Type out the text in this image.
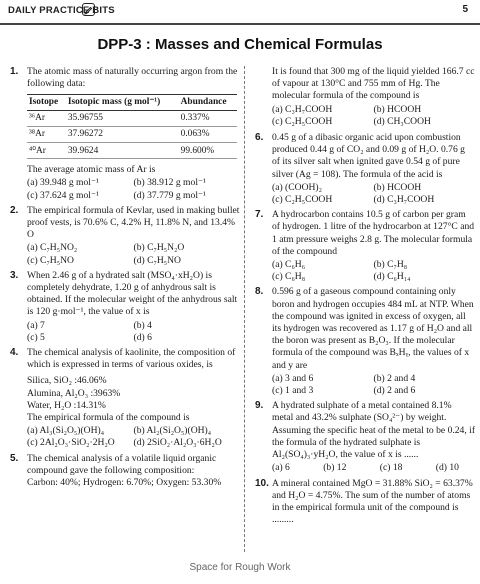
DAILY PRACTICE BITS	5
DPP-3 : Masses and Chemical Formulas
1. The atomic mass of naturally occurring argon from the following data:

Isotope	Isotopic mass (g mol⁻¹)	Abundance
³⁶Ar	35.96755	0.337%
³⁸Ar	37.96272	0.063%
⁴⁰Ar	39.9624	99.600%

The average atomic mass of Ar is

(a) 39.948 g mol⁻¹	(b) 38.912 g mol⁻¹
(c) 37.624 g mol⁻¹	(d) 37.779 g mol⁻¹
2. The empirical formula of Kevlar, used in making bullet proof vests, is 70.6% C, 4.2% H, 11.8% N, and 13.4% O

(a) C₇H₅NO₂	(b) C₇H₅N₂O
(c) C₇H₅NO	(d) C₇H₅NO
3. When 2.46 g of a hydrated salt (MSO₄·xH₂O) is completely dehydrate, 1.20 g of anhydrous salt is obtained. If the molecular weight of the anhydrous salt is 120 g·mol⁻¹, the value of x is

(a) 7	(b) 4
(c) 5	(d) 6
4. The chemical analysis of kaolinite, the composition of which is expressed in terms of various oxides, is

Silica, SiO₂ :46.06%

Alumina, Al₂O₃ :3963%

Water, H₂O :14.31%

The empirical formula of the compound is

(a) Al₃(Si₂O₅)(OH)₄	(b) Al₂(Si₂O₅)(OH)₄
(c) 2Al₂O₃·SiO₂·2H₂O	(d) 2SiO₂·Al₂O₃·6H₂O
5. The chemical analysis of a volatile liquid organic compound gave the following composition:

Carbon: 40%; Hydrogen: 6.70%; Oxygen: 53.30%

It is found that 300 mg of the liquid yielded 166.7 cc of vapour at 130°C and 755 mm of Hg. The molecular formula of the compound is

(a) C₃H₇COOH	(b) HCOOH
(c) C₂H₅COOH	(d) CH₃COOH
6. 0.45 g of a dibasic organic acid upon combustion produced 0.44 g of CO₂ and 0.09 g of H₂O. 0.76 g of its silver salt when ignited gave 0.54 g of pure silver (Ag = 108). The formula of the acid is

(a) (COOH)₂	(b) HCOOH
(c) C₂H₅COOH	(d) C₃H₇COOH
7. A hydrocarbon contains 10.5 g of carbon per gram of hydrogen. 1 litre of the hydrocarbon at 127°C and 1 atm pressure weighs 2.8 g. The molecular formula of the compound

(a) C₆H₆	(b) C₇H₈
(c) C₆H₈	(d) C₆H₁₄
8. 0.596 g of a gaseous compound containing only boron and hydrogen occupies 484 mL at NTP. When the compound was ignited in excess of oxygen, all its hydrogen was recovered as 1.17 g of H₂O and all the boron was present as B₂O₃. If the molecular formula of the compound was BₓHᵧ, the values of x and y are

(a) 3 and 6	(b) 2 and 4
(c) 1 and 3	(d) 2 and 6
9. A hydrated sulphate of a metal contained 8.1% metal and 43.2% sulphate (SO₄²⁻) by weight. Assuming the specific heat of the metal to be 0.24, if the formula of the hydrated sulphate is Al₂(SO₄)₃·yH₂O, the value of x is ......

(a) 6	(b) 12	(c) 18	(d) 10
10. A mineral contained MgO = 31.88% SiO₂ = 63.37% and H₂O = 4.75%. The sum of the number of atoms in the empirical formula unit of the compound is .........

Space for Rough Work
